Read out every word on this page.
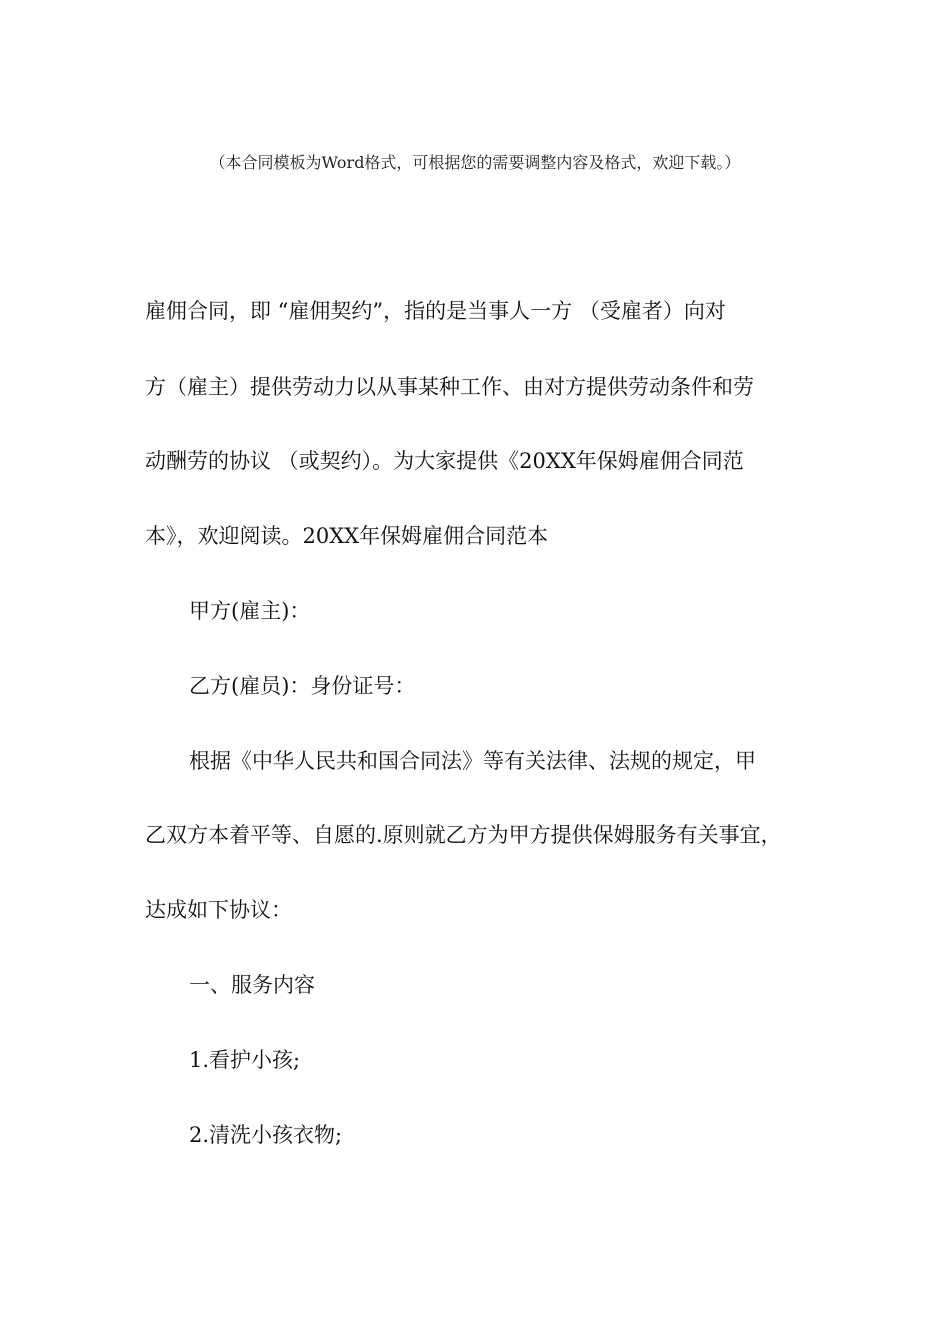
（本合同模板为Word格式，可根据您的需要调整内容及格式，欢迎下载。）
雇佣合同，即 “雇佣契约”，指的是当事人一方 （受雇者）向对
方（雇主）提供劳动力以从事某种工作、由对方提供劳动条件和劳
动酬劳的协议 （或契约）。为大家提供《20XX年保姆雇佣合同范
本》，欢迎阅读。20XX年保姆雇佣合同范本
甲方(雇主)：
乙方(雇员)：身份证号：
根据《中华人民共和国合同法》等有关法律、法规的规定，甲
乙双方本着平等、自愿的.原则就乙方为甲方提供保姆服务有关事宜，
达成如下协议：
一、服务内容
1.看护小孩;
2.清洗小孩衣物;
